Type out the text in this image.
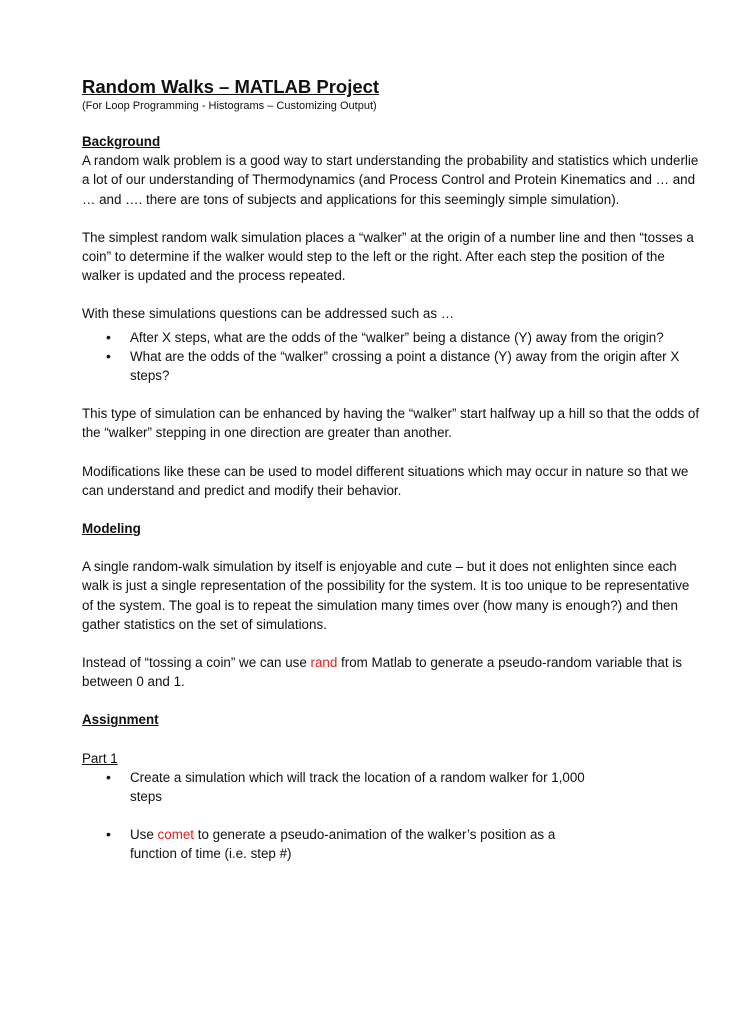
Random Walks – MATLAB Project

(For Loop Programming - Histograms – Customizing Output)

Background

A random walk problem is a good way to start understanding the probability and statistics which underlie a lot of our understanding of Thermodynamics (and Process Control and Protein Kinematics and … and … and …. there are tons of subjects and applications for this seemingly simple simulation).

The simplest random walk simulation places a “walker” at the origin of a number line and then “tosses a coin” to determine if the walker would step to the left or the right. After each step the position of the walker is updated and the process repeated.

With these simulations questions can be addressed such as …

• After X steps, what are the odds of the “walker” being a distance (Y) away from the origin?
• What are the odds of the “walker” crossing a point a distance (Y) away from the origin after X steps?

This type of simulation can be enhanced by having the “walker” start halfway up a hill so that the odds of the “walker” stepping in one direction are greater than another.

Modifications like these can be used to model different situations which may occur in nature so that we can understand and predict and modify their behavior.

Modeling

A single random-walk simulation by itself is enjoyable and cute – but it does not enlighten since each walk is just a single representation of the possibility for the system. It is too unique to be representative of the system. The goal is to repeat the simulation many times over (how many is enough?) and then gather statistics on the set of simulations.

Instead of “tossing a coin” we can use rand from Matlab to generate a pseudo-random variable that is between 0 and 1.

Assignment

Part 1

• Create a simulation which will track the location of a random walker for 1,000 steps
• Use comet to generate a pseudo-animation of the walker’s position as a function of time (i.e. step #)
